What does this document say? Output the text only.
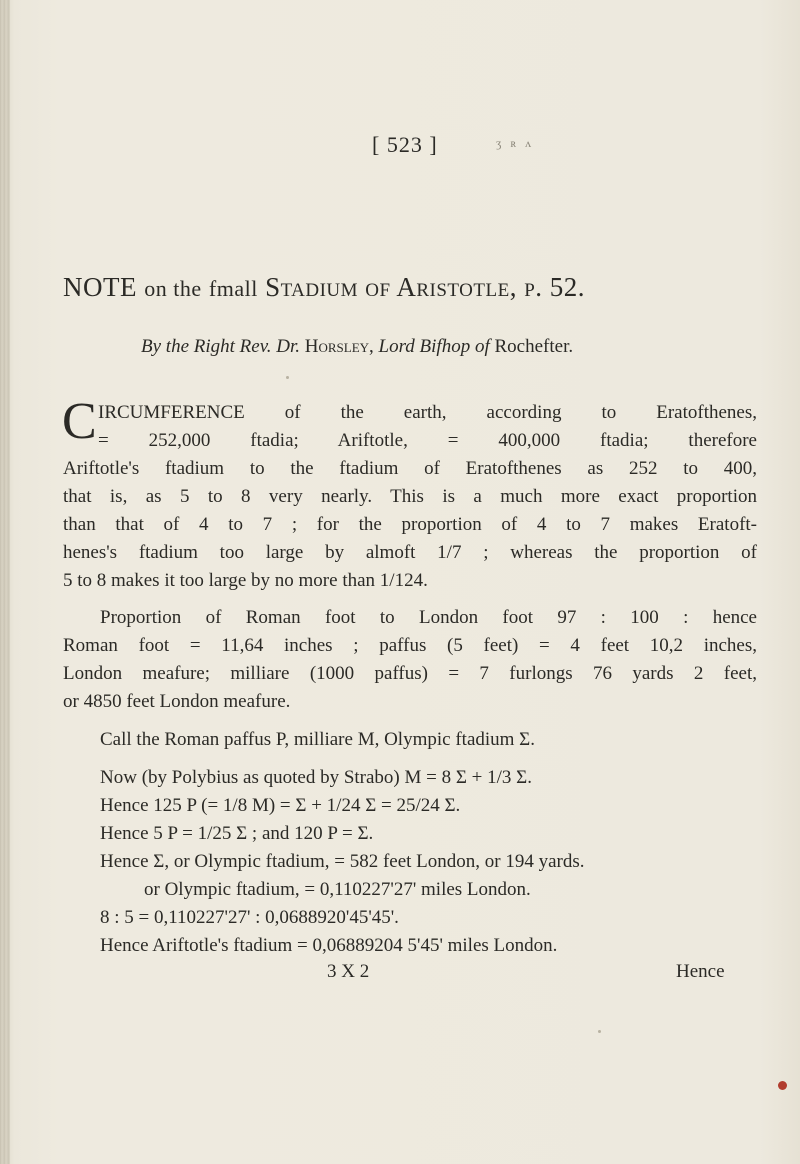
[ 523 ]	ʒ ʀ ʌ
NOTE on the fmall Stadium of Aristotle, p. 52.
By the Right Rev. Dr. Horsley, Lord Bifhop of Rochefter.
C IRCUMFERENCE of the earth, according to Eratofthenes,
= 252,000 ftadia; Ariftotle, = 400,000 ftadia; therefore
Ariftotle's ftadium to the ftadium of Eratofthenes as 252 to 400,
that is, as 5 to 8 very nearly. This is a much more exact proportion
than that of 4 to 7 ; for the proportion of 4 to 7 makes Eratoft-
henes's ftadium too large by almoft 1/7 ; whereas the proportion of
5 to 8 makes it too large by no more than 1/124.
Proportion of Roman foot to London foot 97 : 100 : hence
Roman foot = 11,64 inches ; paffus (5 feet) = 4 feet 10,2 inches,
London meafure; milliare (1000 paffus) = 7 furlongs 76 yards 2 feet,
or 4850 feet London meafure.
Call the Roman paffus P, milliare M, Olympic ftadium Σ.
Now (by Polybius as quoted by Strabo) M = 8 Σ + 1/3 Σ.
Hence 125 P (= 1/8 M) = Σ + 1/24 Σ = 25/24 Σ.
Hence 5 P = 1/25 Σ ; and 120 P = Σ.
Hence Σ, or Olympic ftadium, = 582 feet London, or 194 yards.
or Olympic ftadium, = 0,110227'27' miles London.
8 : 5 = 0,110227'27' : 0,0688920'45'45'.
Hence Ariftotle's ftadium = 0,06889204 5'45' miles London.
3 X 2	Hence
